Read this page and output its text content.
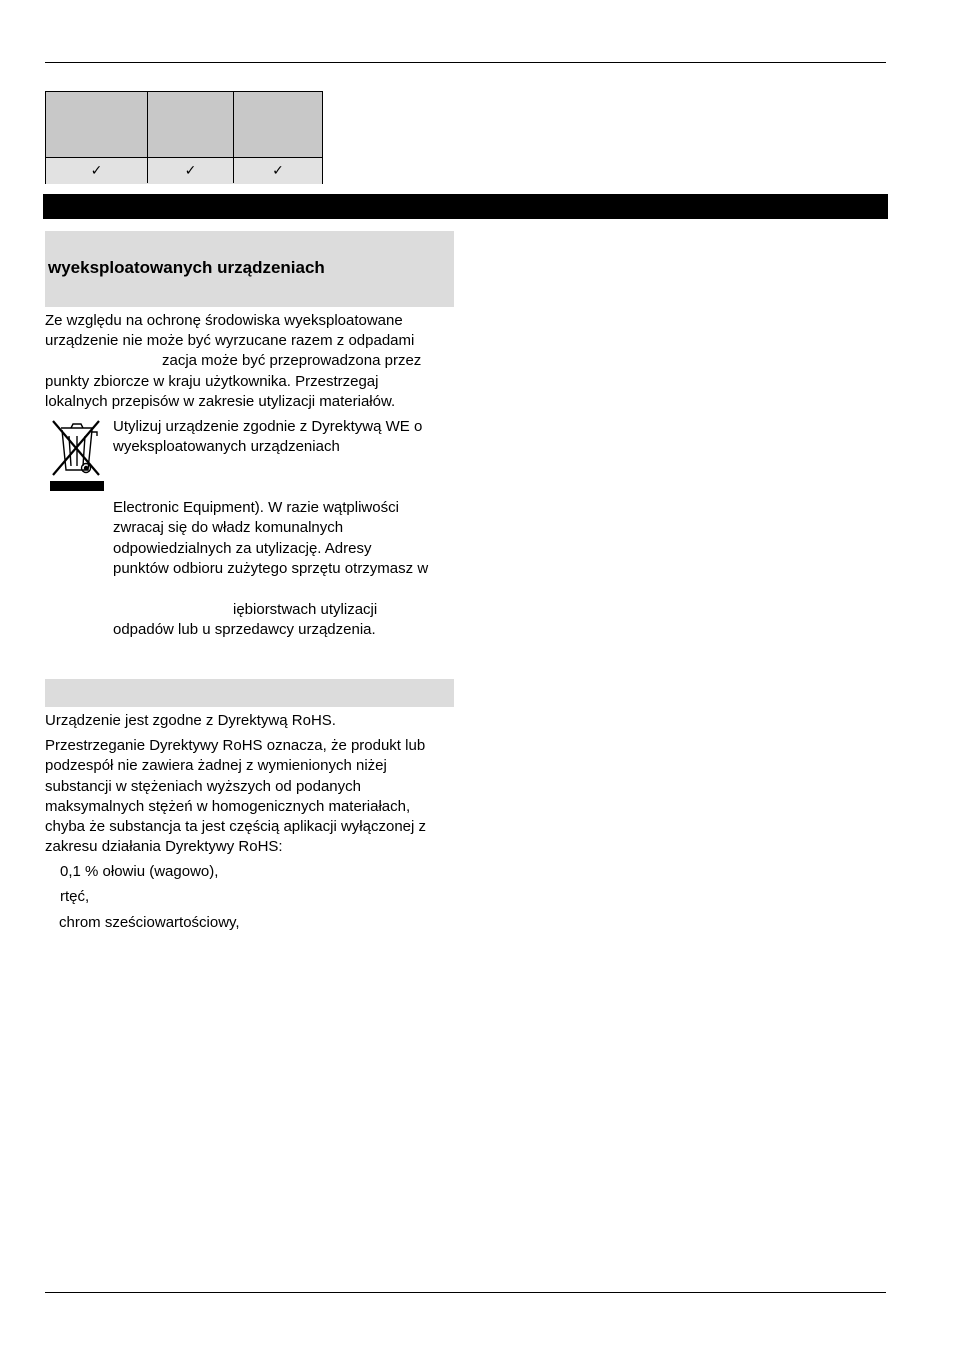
✓	✓	✓
wyeksploatowanych urządzeniach
Ze względu na ochronę środowiska wyeksploatowane
urządzenie nie może być wyrzucane razem z odpadami
zacja może być przeprowadzona przez
punkty zbiorcze w kraju użytkownika. Przestrzegaj
lokalnych przepisów w zakresie utylizacji materiałów.
Utylizuj urządzenie zgodnie z Dyrektywą WE o
wyeksploatowanych urządzeniach
Electronic Equipment). W razie wątpliwości
zwracaj się do władz komunalnych
odpowiedzialnych za utylizację. Adresy
punktów odbioru zużytego sprzętu otrzymasz w
iębiorstwach utylizacji
odpadów lub u sprzedawcy urządzenia.
Urządzenie jest zgodne z Dyrektywą RoHS.
Przestrzeganie Dyrektywy RoHS oznacza, że produkt lub
podzespół nie zawiera żadnej z wymienionych niżej
substancji w stężeniach wyższych od podanych
maksymalnych stężeń w homogenicznych materiałach,
chyba że substancja ta jest częścią aplikacji wyłączonej z
zakresu działania Dyrektywy RoHS:
0,1 % ołowiu (wagowo),
rtęć,
chrom sześciowartościowy,
